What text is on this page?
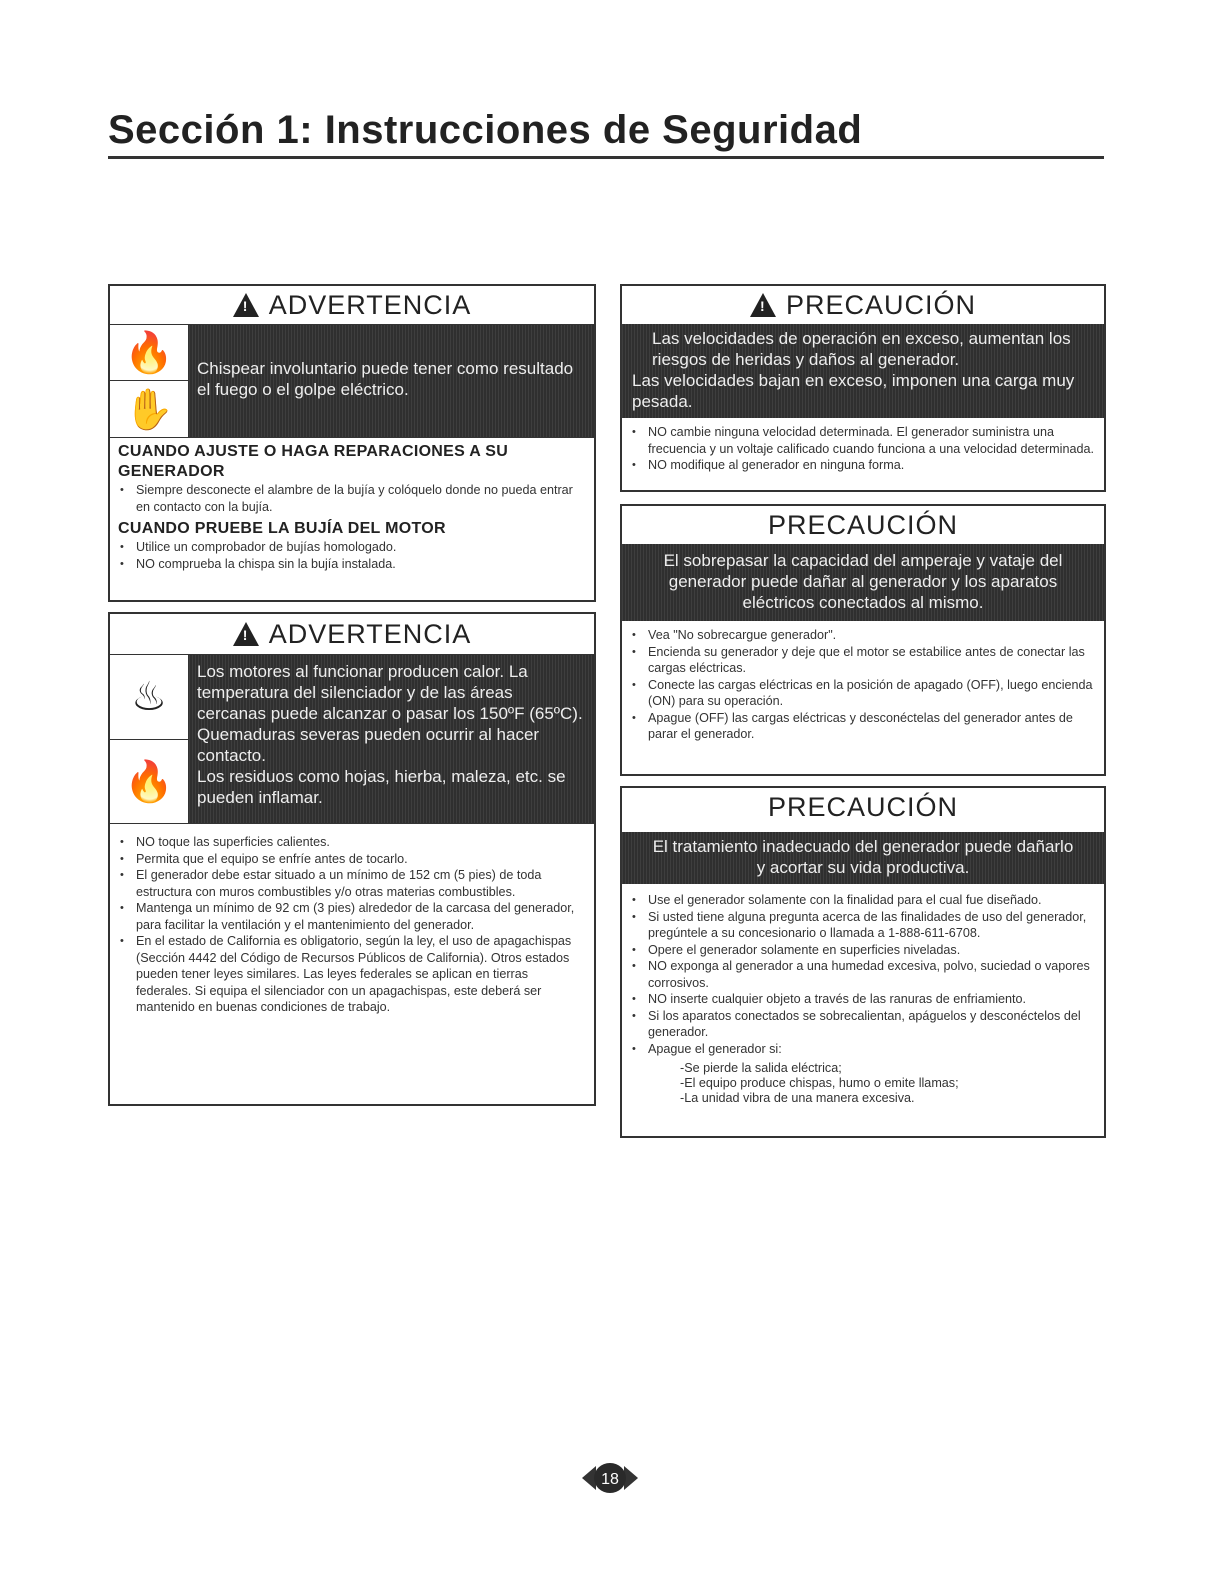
Sección 1: Instrucciones de Seguridad
!ADVERTENCIA
🔥
✋
Chispear involuntario puede tener como resultado el fuego o el golpe eléctrico.
CUANDO AJUSTE O HAGA REPARACIONES A SU GENERADOR
• Siempre desconecte el alambre de la bujía y colóquelo donde no pueda entrar en contacto con la bujía.
CUANDO PRUEBE LA BUJÍA DEL MOTOR
• Utilice un comprobador de bujías homologado.
• NO comprueba la chispa sin la bujía instalada.
!ADVERTENCIA
♨
🔥
Los motores al funcionar producen calor. La temperatura del silenciador y de las áreas cercanas puede alcanzar o pasar los 150ºF (65ºC).
Quemaduras severas pueden ocurrir al hacer contacto.
Los residuos como hojas, hierba, maleza, etc. se pueden inflamar.
• NO toque las superficies calientes.
• Permita que el equipo se enfríe antes de tocarlo.
• El generador debe estar situado a un mínimo de 152 cm (5 pies) de toda estructura con muros combustibles y/o otras materias combustibles.
• Mantenga un mínimo de 92 cm (3 pies) alrededor de la carcasa del generador, para facilitar la ventilación y el mantenimiento del generador.
• En el estado de California es obligatorio, según la ley, el uso de apagachispas (Sección 4442 del Código de Recursos Públicos de California). Otros estados pueden tener leyes similares. Las leyes federales se aplican en tierras federales. Si equipa el silenciador con un apagachispas, este deberá ser mantenido en buenas condiciones de trabajo.
!PRECAUCIÓN
Las velocidades de operación en exceso, aumentan los riesgos de heridas y daños al generador.
Las velocidades bajan en exceso, imponen una carga muy pesada.
• NO cambie ninguna velocidad determinada. El generador suministra una frecuencia y un voltaje calificado cuando funciona a una velocidad determinada.
• NO modifique al generador en ninguna forma.
PRECAUCIÓN
El sobrepasar la capacidad del amperaje y vataje del generador puede dañar al generador y los aparatos eléctricos conectados al mismo.
• Vea "No sobrecargue generador".
• Encienda su generador y deje que el motor se estabilice antes de conectar las cargas eléctricas.
• Conecte las cargas eléctricas en la posición de apagado (OFF), luego encienda (ON) para su operación.
• Apague (OFF) las cargas eléctricas y desconéctelas del generador antes de parar el generador.
PRECAUCIÓN
El tratamiento inadecuado del generador puede dañarlo y acortar su vida productiva.
• Use el generador solamente con la finalidad para el cual fue diseñado.
• Si usted tiene alguna pregunta acerca de las finalidades de uso del generador, pregúntele a su concesionario o llamada a 1-888-611-6708.
• Opere el generador solamente en superficies niveladas.
• NO exponga al generador a una humedad excesiva, polvo, suciedad o vapores corrosivos.
• NO inserte cualquier objeto a través de las ranuras de enfriamiento.
• Si los aparatos conectados se sobrecalientan, apáguelos y desconéctelos del generador.
• Apague el generador si:
-Se pierde la salida eléctrica;
-El equipo produce chispas, humo o emite llamas;
-La unidad vibra de una manera excesiva.
18
